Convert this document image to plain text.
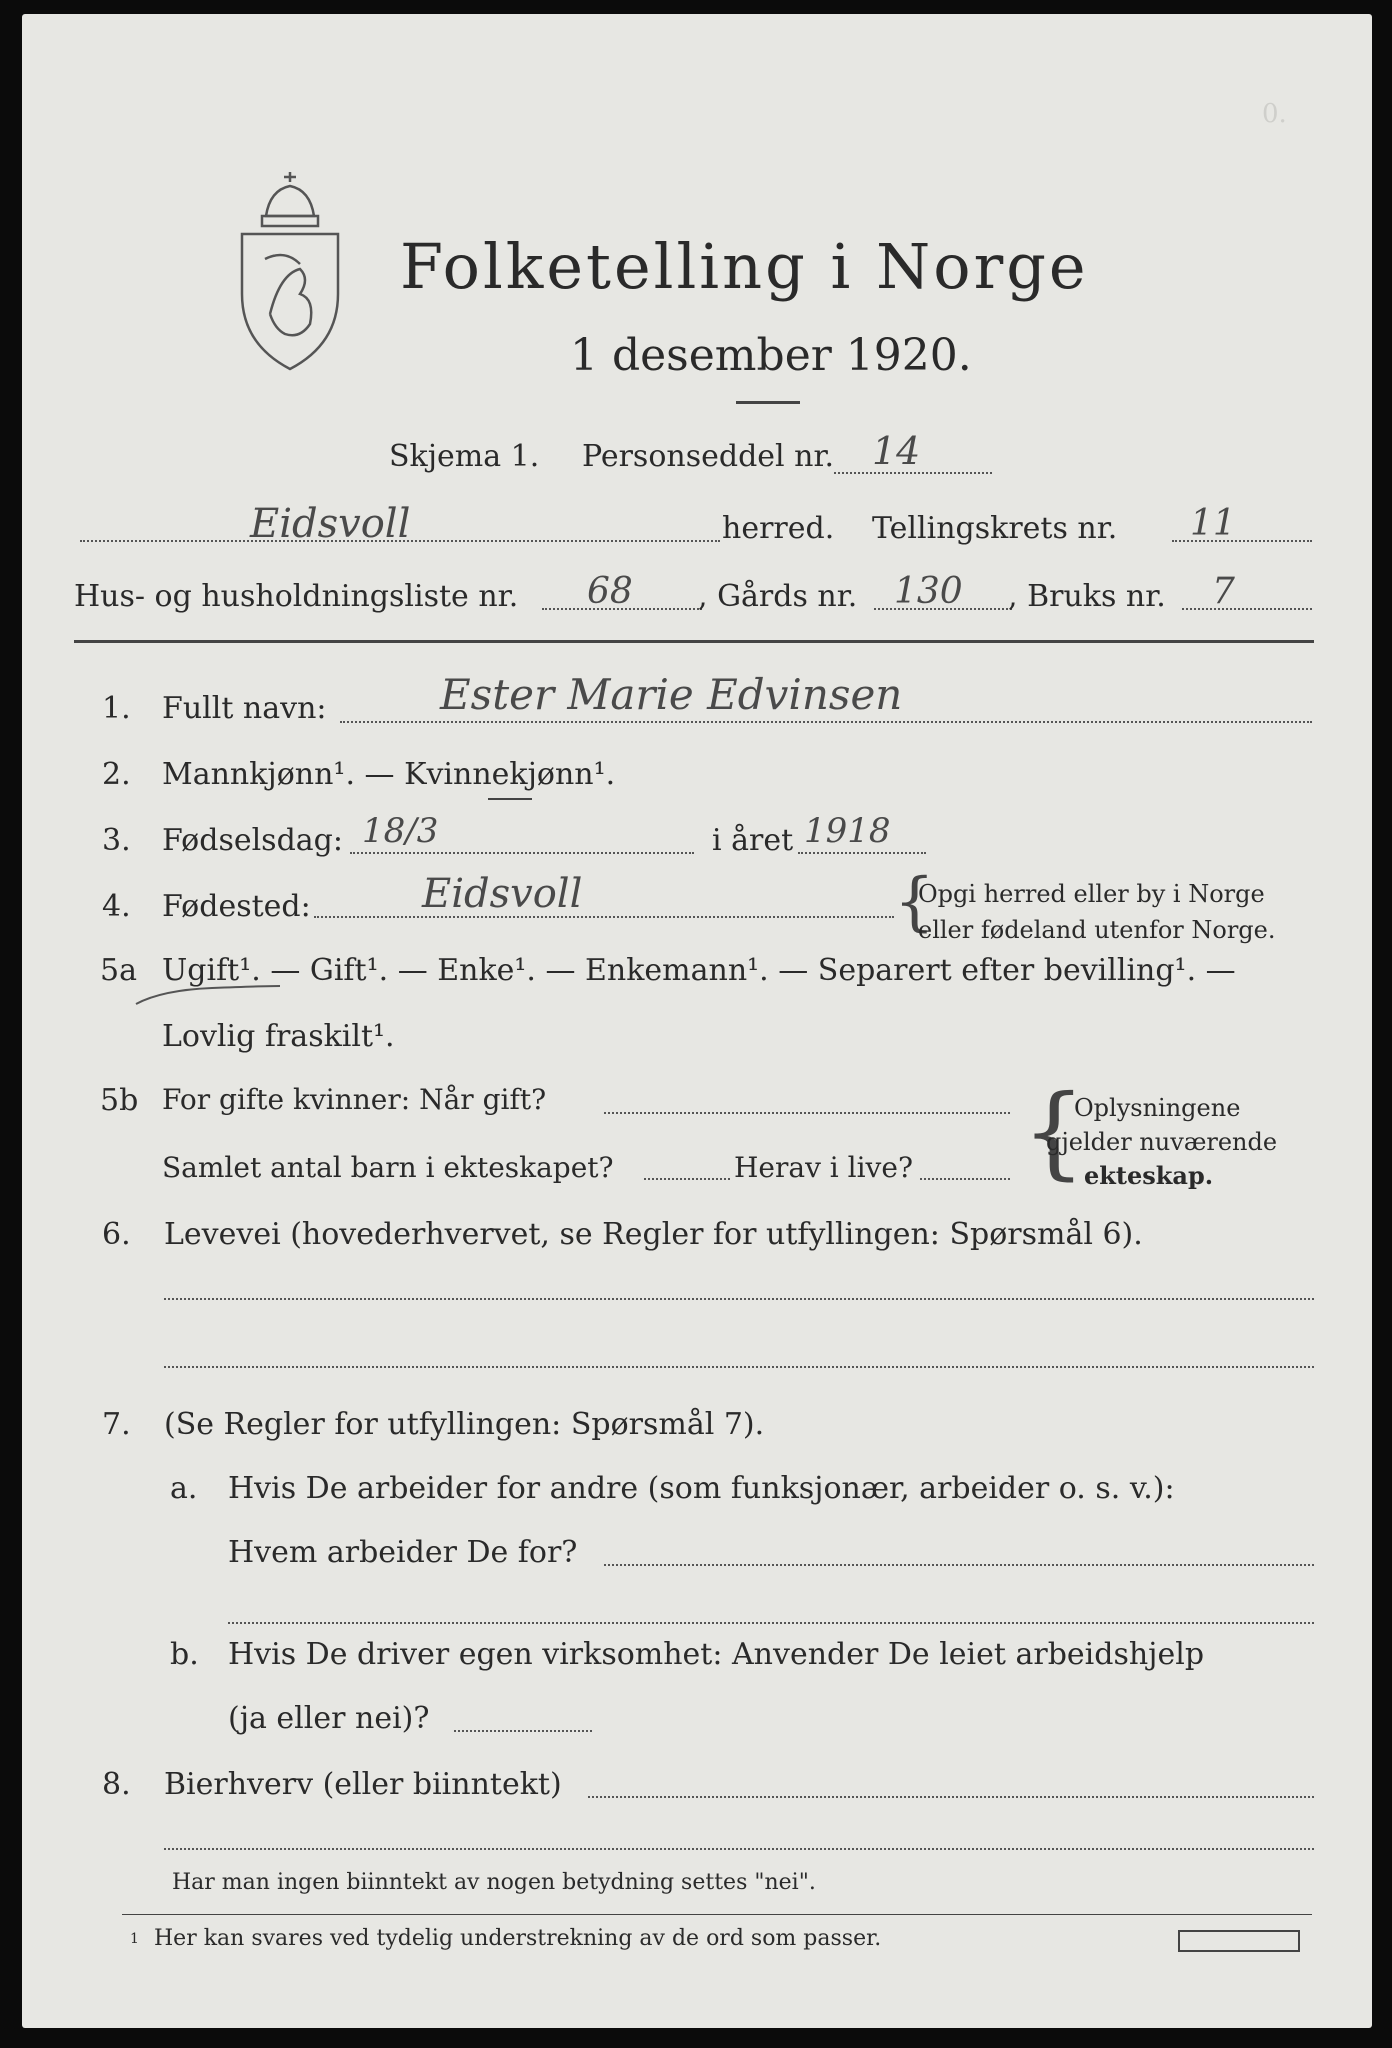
0.
Folketelling i Norge
1 desember 1920.
Skjema 1. Personseddel nr. 14
Eidsvoll	herred. Tellingskrets nr. 11
Hus- og husholdningsliste nr. 68 , Gårds nr. 130 , Bruks nr. 7
1. Fullt navn:	Ester Marie Edvinsen
2. Mannkjønn¹. — Kvinnekjønn¹.
3. Fødselsdag: 18/3	i året 1918
4. Fødested:	Eidsvoll	{
Opgi herred eller by i Norge
eller fødeland utenfor Norge.
5a Ugift¹. — Gift¹. — Enke¹. — Enkemann¹. — Separert efter bevilling¹. —
Lovlig fraskilt¹.
5b For gifte kvinner: Når gift?
Samlet antal barn i ekteskapet?	Herav i live? {
Oplysningene
gjelder nuværende
ekteskap.
6. Levevei (hovederhvervet, se Regler for utfyllingen: Spørsmål 6).
7. (Se Regler for utfyllingen: Spørsmål 7).
a. Hvis De arbeider for andre (som funksjonær, arbeider o. s. v.):
Hvem arbeider De for?
b. Hvis De driver egen virksomhet: Anvender De leiet arbeidshjelp
(ja eller nei)?
8. Bierhverv (eller biinntekt)
Har man ingen biinntekt av nogen betydning settes "nei".
1 Her kan svares ved tydelig understrekning av de ord som passer.
